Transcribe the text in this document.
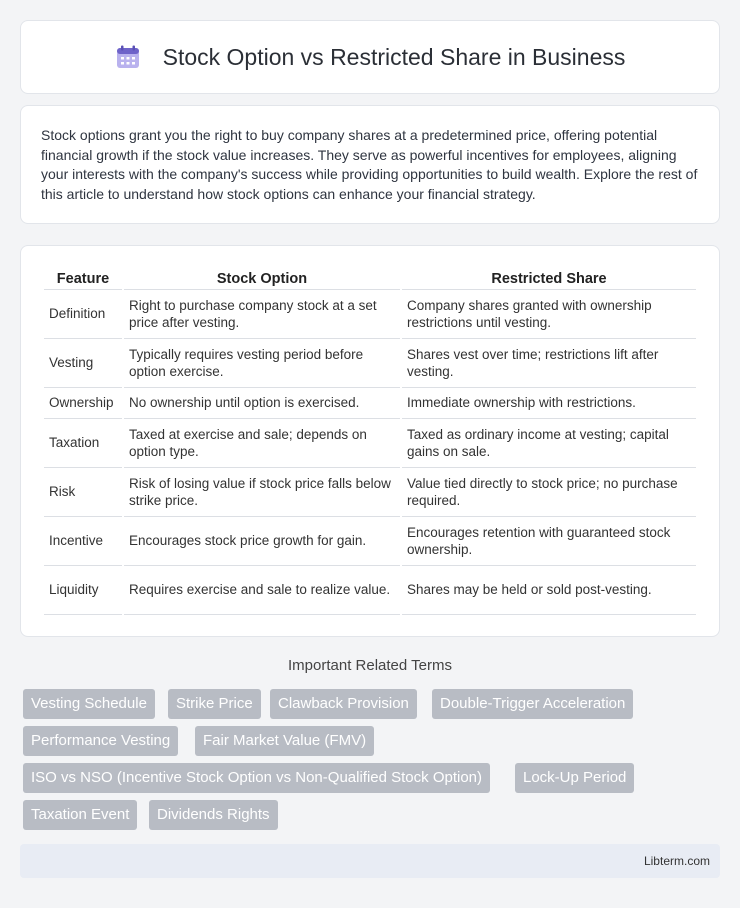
Stock Option vs Restricted Share in Business

Stock options grant you the right to buy company shares at a predetermined price, offering potential financial growth if the stock value increases. They serve as powerful incentives for employees, aligning your interests with the company's success while providing opportunities to build wealth. Explore the rest of this article to understand how stock options can enhance your financial strategy.

Feature	Stock Option	Restricted Share
Definition	Right to purchase company stock at a set price after vesting.	Company shares granted with ownership restrictions until vesting.
Vesting	Typically requires vesting period before option exercise.	Shares vest over time; restrictions lift after vesting.
Ownership	No ownership until option is exercised.	Immediate ownership with restrictions.
Taxation	Taxed at exercise and sale; depends on option type.	Taxed as ordinary income at vesting; capital gains on sale.
Risk	Risk of losing value if stock price falls below strike price.	Value tied directly to stock price; no purchase required.
Incentive	Encourages stock price growth for gain.	Encourages retention with guaranteed stock ownership.
Liquidity	Requires exercise and sale to realize value.	Shares may be held or sold post-vesting.
Important Related Terms
Vesting Schedule	Strike Price	Clawback Provision	Double-Trigger Acceleration
Performance Vesting	Fair Market Value (FMV)
ISO vs NSO (Incentive Stock Option vs Non-Qualified Stock Option)	Lock-Up Period
Taxation Event	Dividends Rights
Libterm.com
